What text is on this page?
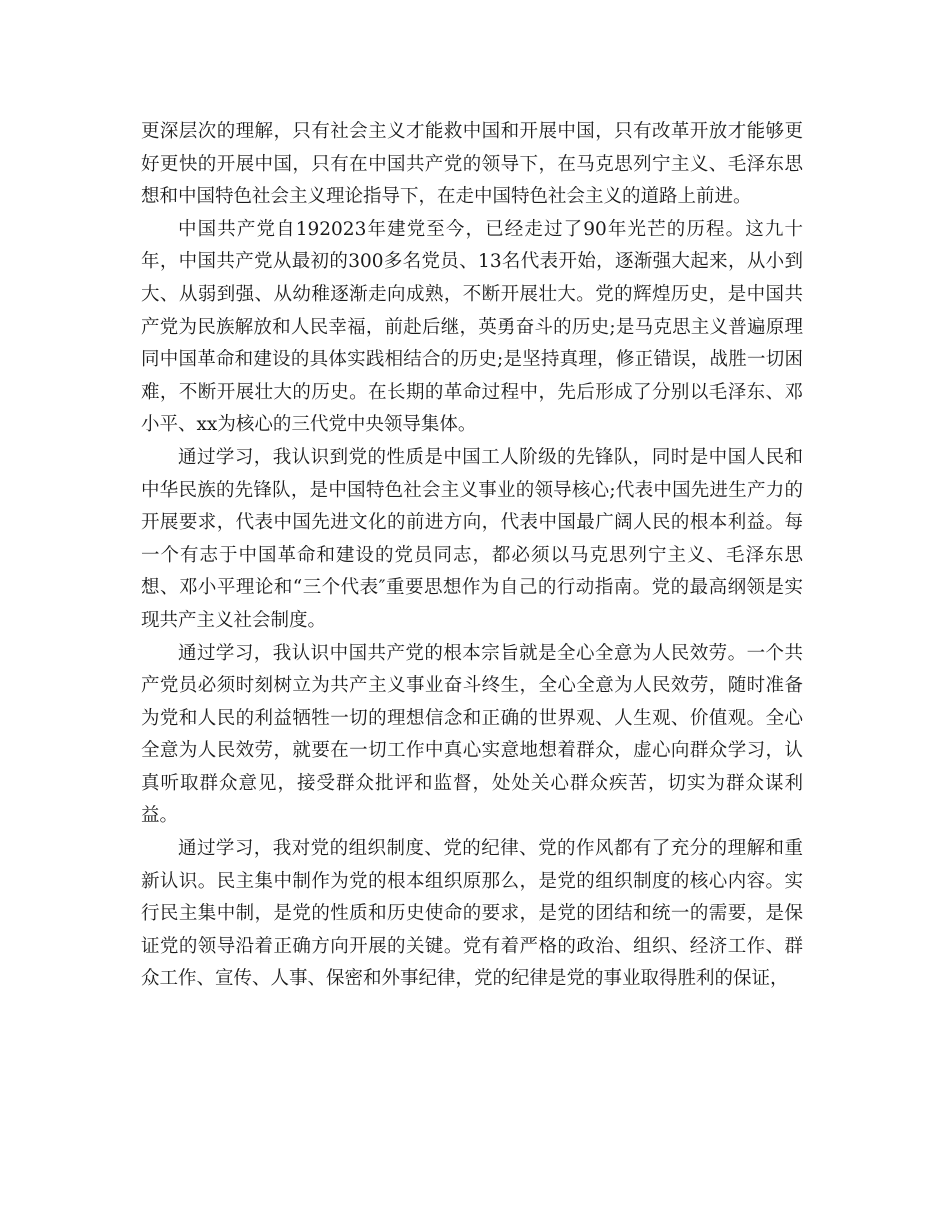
更深层次的理解，只有社会主义才能救中国和开展中国，只有改革开放才能够更好更快的开展中国，只有在中国共产党的领导下，在马克思列宁主义、毛泽东思想和中国特色社会主义理论指导下，在走中国特色社会主义的道路上前进。

中国共产党自192023年建党至今，已经走过了90年光芒的历程。这九十年，中国共产党从最初的300多名党员、13名代表开始，逐渐强大起来，从小到大、从弱到强、从幼稚逐渐走向成熟，不断开展壮大。党的辉煌历史，是中国共产党为民族解放和人民幸福，前赴后继，英勇奋斗的历史;是马克思主义普遍原理同中国革命和建设的具体实践相结合的历史;是坚持真理，修正错误，战胜一切困难，不断开展壮大的历史。在长期的革命过程中，先后形成了分别以毛泽东、邓小平、xx为核心的三代党中央领导集体。

通过学习，我认识到党的性质是中国工人阶级的先锋队，同时是中国人民和中华民族的先锋队，是中国特色社会主义事业的领导核心;代表中国先进生产力的开展要求，代表中国先进文化的前进方向，代表中国最广阔人民的根本利益。每一个有志于中国革命和建设的党员同志，都必须以马克思列宁主义、毛泽东思想、邓小平理论和“三个代表″重要思想作为自己的行动指南。党的最高纲领是实现共产主义社会制度。

通过学习，我认识中国共产党的根本宗旨就是全心全意为人民效劳。一个共产党员必须时刻树立为共产主义事业奋斗终生，全心全意为人民效劳，随时准备为党和人民的利益牺牲一切的理想信念和正确的世界观、人生观、价值观。全心全意为人民效劳，就要在一切工作中真心实意地想着群众，虚心向群众学习，认真听取群众意见，接受群众批评和监督，处处关心群众疾苦，切实为群众谋利益。

通过学习，我对党的组织制度、党的纪律、党的作风都有了充分的理解和重新认识。民主集中制作为党的根本组织原那么，是党的组织制度的核心内容。实行民主集中制，是党的性质和历史使命的要求，是党的团结和统一的需要，是保证党的领导沿着正确方向开展的关键。党有着严格的政治、组织、经济工作、群众工作、宣传、人事、保密和外事纪律，党的纪律是党的事业取得胜利的保证，
